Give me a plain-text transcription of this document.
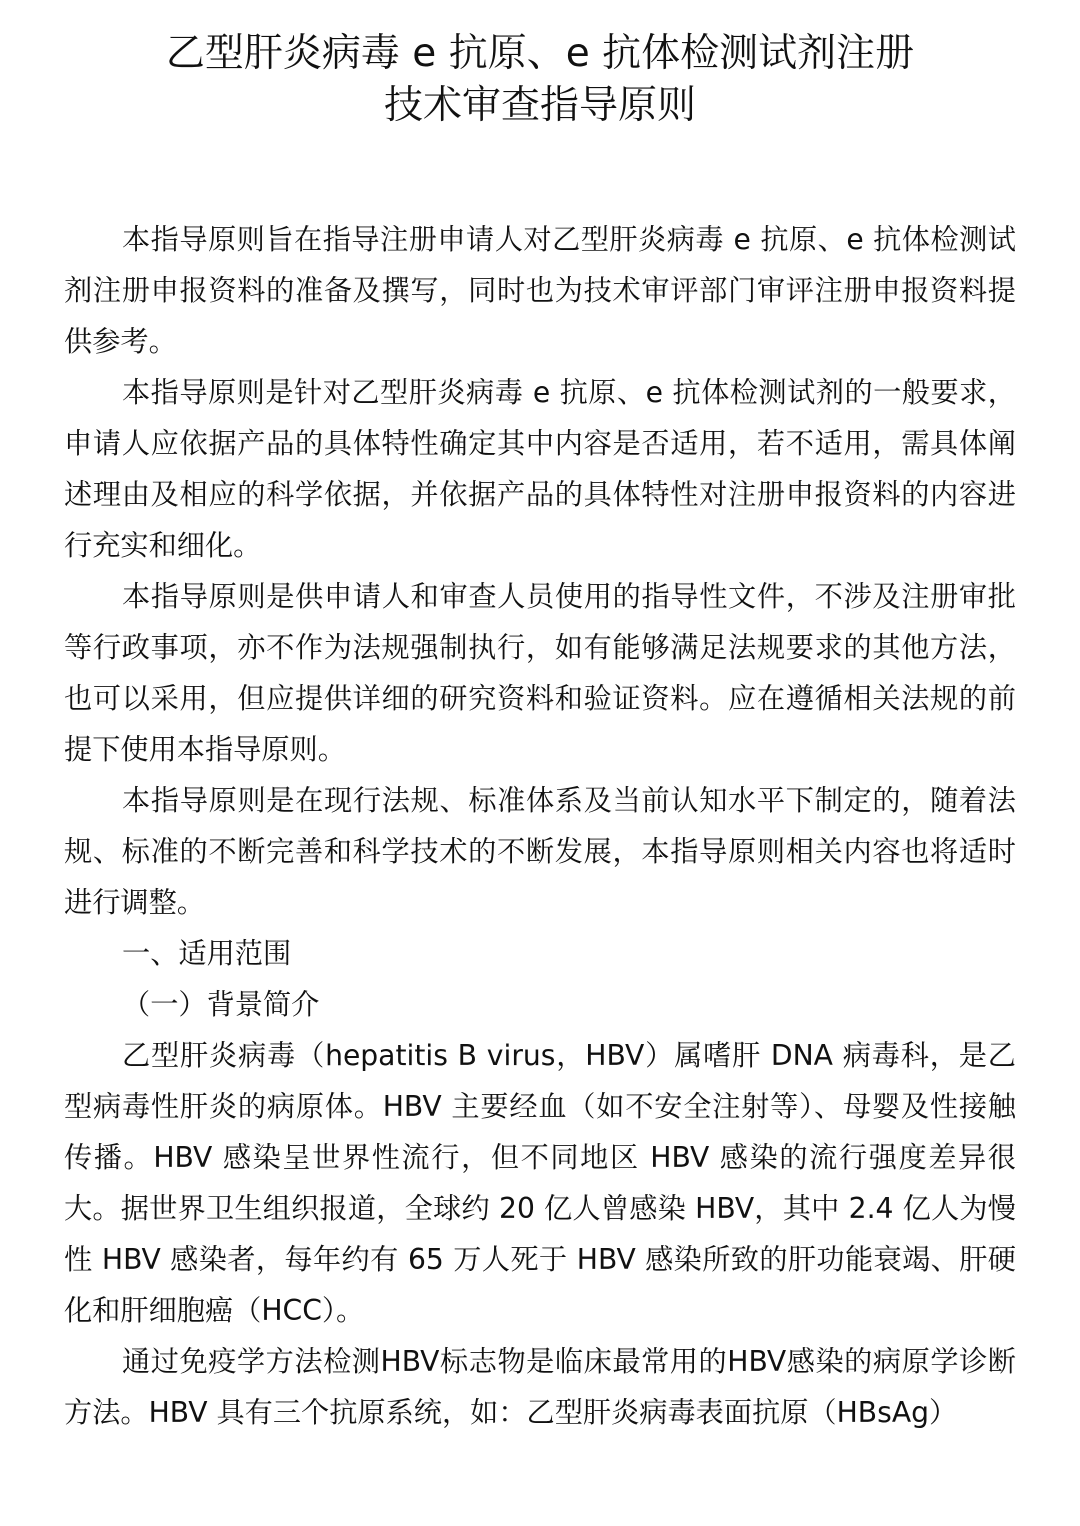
乙型肝炎病毒 e 抗原、e 抗体检测试剂注册
技术审查指导原则

本指导原则旨在指导注册申请人对乙型肝炎病毒 e 抗原、e 抗体检测试剂注册申报资料的准备及撰写，同时也为技术审评部门审评注册申报资料提供参考。

本指导原则是针对乙型肝炎病毒 e 抗原、e 抗体检测试剂的一般要求，申请人应依据产品的具体特性确定其中内容是否适用，若不适用，需具体阐述理由及相应的科学依据，并依据产品的具体特性对注册申报资料的内容进行充实和细化。

本指导原则是供申请人和审查人员使用的指导性文件，不涉及注册审批等行政事项，亦不作为法规强制执行，如有能够满足法规要求的其他方法，也可以采用，但应提供详细的研究资料和验证资料。应在遵循相关法规的前提下使用本指导原则。

本指导原则是在现行法规、标准体系及当前认知水平下制定的，随着法规、标准的不断完善和科学技术的不断发展，本指导原则相关内容也将适时进行调整。

一、适用范围

（一）背景简介

乙型肝炎病毒（hepatitis B virus，HBV）属嗜肝 DNA 病毒科，是乙型病毒性肝炎的病原体。HBV 主要经血（如不安全注射等）、母婴及性接触传播。HBV 感染呈世界性流行，但不同地区 HBV 感染的流行强度差异很大。据世界卫生组织报道，全球约 20 亿人曾感染 HBV，其中 2.4 亿人为慢性 HBV 感染者，每年约有 65 万人死于 HBV 感染所致的肝功能衰竭、肝硬化和肝细胞癌（HCC）。

通过免疫学方法检测HBV标志物是临床最常用的HBV感染的病原学诊断方法。HBV 具有三个抗原系统，如：乙型肝炎病毒表面抗原（HBsAg）
